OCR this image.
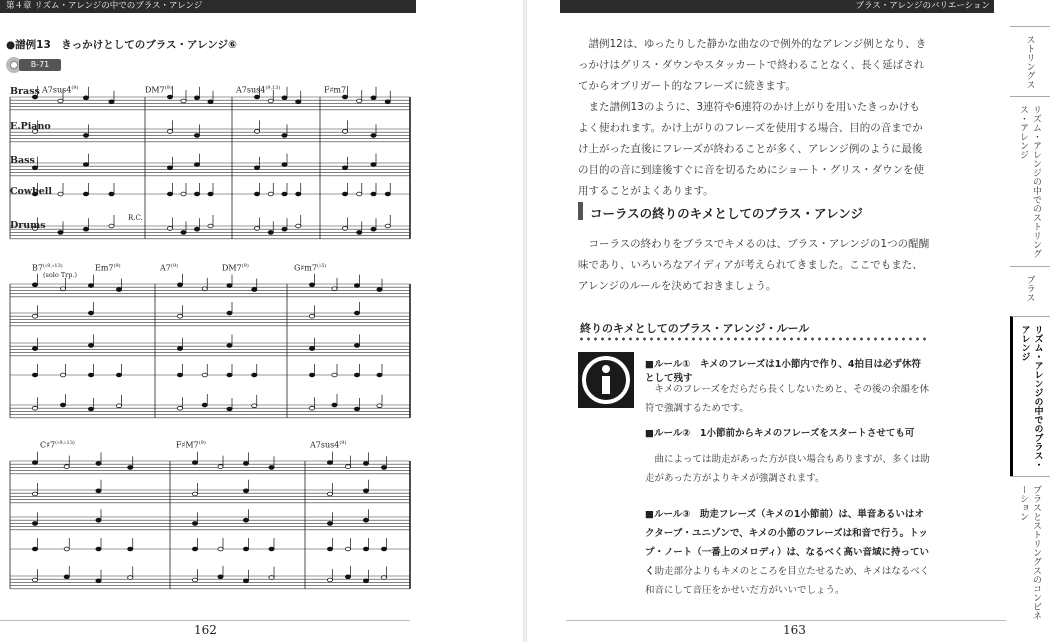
第４章 リズム・アレンジの中でのブラス・アレンジ
●譜例13　きっかけとしてのブラス・アレンジ⑥
B-71
Brass
E.Piano
Bass
Cowbell
Drums
R.C.
(solo Trp.)
A7sus4$^{(9)}$	DM7$^{(9)}$	A7sus4$^{(9,13)}$	F♯m7
$B7^{(♭9,♭13)}$	Em7$^{(9)}$	A7$^{(9)}$	DM7$^{(9)}$	$G♯m7^{(♭5)}$
$C♯7^{(♭9,♭13)}$	F♯M7$^{(9)}$	A7sus4$^{(9)}$
162
ブラス・アレンジのバリエーション
譜例12は、ゆったりした静かな曲なので例外的なアレンジ例となり、きっかけはグリス・ダウンやスタッカートで終わることなく、長く延ばされてからオブリガート的なフレーズに続きます。
また譜例13のように、3連符や6連符のかけ上がりを用いたきっかけもよく使われます。かけ上がりのフレーズを使用する場合、目的の音までかけ上がった直後にフレーズが終わることが多く、アレンジ例のように最後の目的の音に到達後すぐに音を切るためにショート・グリス・ダウンを使用することがよくあります。
コーラスの終りのキメとしてのブラス・アレンジ
コーラスの終わりをブラスでキメるのは、ブラス・アレンジの1つの醍醐味であり、いろいろなアイディアが考えられてきました。ここでもまた、アレンジのルールを決めておきましょう。
終りのキメとしてのブラス・アレンジ・ルール
■ルール①　キメのフレーズは1小節内で作り、4拍目は必ず休符として残す
キメのフレーズをだらだら長くしないためと、その後の余韻を休符で強調するためです。
■ルール②　1小節前からキメのフレーズをスタートさせても可
曲によっては助走があった方が良い場合もありますが、多くは助走があった方がよりキメが強調されます。
■ルール③　助走フレーズ（キメの1小節前）は、単音あるいはオクターブ・ユニゾンで、キメの小節のフレーズは和音で行う。トップ・ノート（一番上のメロディ）は、なるべく高い音域に持っていく 助走部分よりもキメのところを目立たせるため、キメはなるべく和音にして音圧をかせいだ方がいいでしょう。
163
ストリングス
リズム・アレンジの中でのストリングス・アレンジ
ブラス
リズム・アレンジの中でのブラス・アレンジ
ブラスとストリングスのコンビネーション
